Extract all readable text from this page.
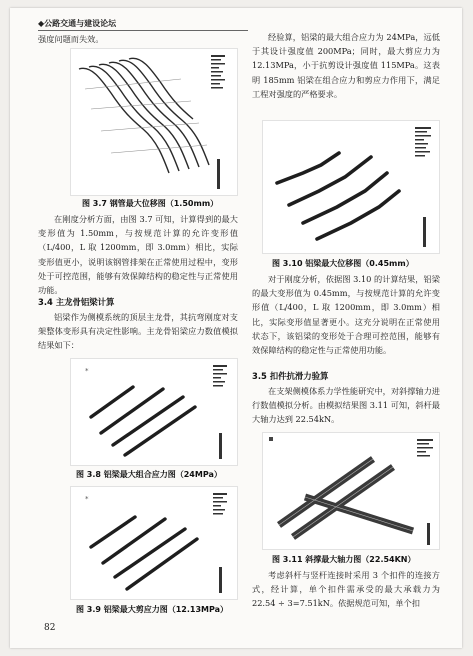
◆公路交通与建设论坛
强度问题而失效。
图 3.7 钢管最大位移图（1.50mm）
在刚度分析方面，由图 3.7 可知，计算得到的最大变形值为 1.50mm，与按规范计算的允许变形值（L/400，L 取 1200mm，即 3.0mm）相比，实际变形值更小，说明该钢管排架在正常使用过程中，变形处于可控范围，能够有效保障结构的稳定性与正常使用功能。
3.4 主龙骨铝梁计算
铝梁作为侧模系统的顶层主龙骨，其抗弯刚度对支架整体变形具有决定性影响。主龙骨铝梁应力数值模拟结果如下：
*
图 3.8 铝梁最大组合应力图（24MPa）
*
图 3.9 铝梁最大剪应力图（12.13MPa）
82
经验算，铝梁的最大组合应力为 24MPa，远低于其设计强度值 200MPa；同时，最大剪应力为 12.13MPa，小于抗剪设计强度值 115MPa。这表明 185mm 铝梁在组合应力和剪应力作用下，满足工程对强度的严格要求。
图 3.10 铝梁最大位移图（0.45mm）
对于刚度分析，依据图 3.10 的计算结果，铝梁的最大变形值为 0.45mm，与按规范计算的允许变形值（L/400，L 取 1200mm，即 3.0mm）相比，实际变形值显著更小。这充分说明在正常使用状态下，该铝梁的变形处于合理可控范围，能够有效保障结构的稳定性与正常使用功能。
3.5 扣件抗滑力验算
在支架侧模体系力学性能研究中，对斜撑轴力进行数值模拟分析。由模拟结果图 3.11 可知，斜杆最大轴力达到 22.54kN。
图 3.11 斜撑最大轴力图（22.54KN）
考虑斜杆与竖杆连接时采用 3 个扣件的连接方式，经计算，单个扣件需承受的最大承载力为 22.54 ÷ 3=7.51kN。依据规范可知，单个扣
